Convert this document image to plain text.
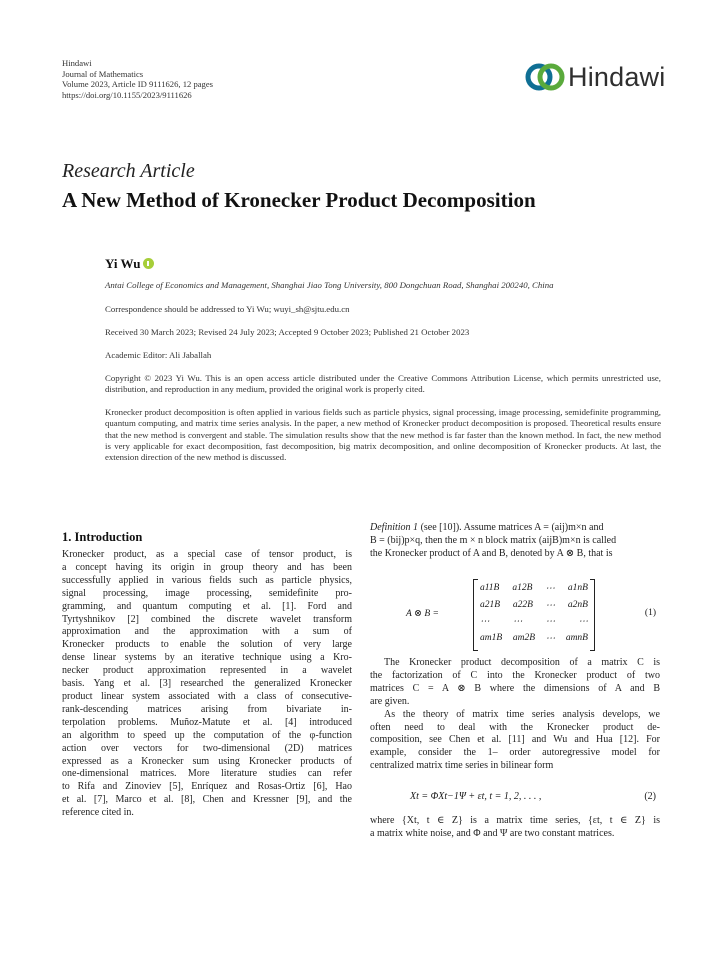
Hindawi
Journal of Mathematics
Volume 2023, Article ID 9111626, 12 pages
https://doi.org/10.1155/2023/9111626
Hindawi
Research Article
A New Method of Kronecker Product Decomposition
Yi Wu
Antai College of Economics and Management, Shanghai Jiao Tong University, 800 Dongchuan Road, Shanghai 200240, China
Correspondence should be addressed to Yi Wu; wuyi_sh@sjtu.edu.cn
Received 30 March 2023; Revised 24 July 2023; Accepted 9 October 2023; Published 21 October 2023
Academic Editor: Ali Jaballah
Copyright © 2023 Yi Wu. This is an open access article distributed under the Creative Commons Attribution License, which permits unrestricted use, distribution, and reproduction in any medium, provided the original work is properly cited.
Kronecker product decomposition is often applied in various fields such as particle physics, signal processing, image processing, semidefinite programming, quantum computing, and matrix time series analysis. In the paper, a new method of Kronecker product decomposition is proposed. Theoretical results ensure that the new method is convergent and stable. The simulation results show that the new method is far faster than the known method. In fact, the new method is very applicable for exact decomposition, fast decomposition, big matrix decomposition, and online decomposition of Kronecker products. At last, the extension direction of the new method is discussed.
1. Introduction
Kronecker product, as a special case of tensor product, is
a concept having its origin in group theory and has been
successfully applied in various fields such as particle physics,
signal processing, image processing, semidefinite pro-
gramming, and quantum computing et al. [1]. Ford and
Tyrtyshnikov [2] combined the discrete wavelet transform
approximation and the approximation with a sum of
Kronecker products to enable the solution of very large
dense linear systems by an iterative technique using a Kro-
necker product approximation represented in a wavelet
basis. Yang et al. [3] researched the generalized Kronecker
product linear system associated with a class of consecutive-
rank-descending matrices arising from bivariate in-
terpolation problems. Muñoz-Matute et al. [4] introduced
an algorithm to speed up the computation of the φ-function
action over vectors for two-dimensional (2D) matrices
expressed as a Kronecker sum using Kronecker products of
one-dimensional matrices. More literature studies can refer
to Rifa and Zinoviev [5], Enríquez and Rosas-Ortiz [6], Hao
et al. [7], Marco et al. [8], Chen and Kressner [9], and the
reference cited in.
Definition 1 (see [10]). Assume matrices A = (aij)m×n and
B = (bij)p×q, then the m × n block matrix (aijB)m×n is called
the Kronecker product of A and B, denoted by A ⊗ B, that is
A ⊗ B =
a11B a12B ⋯ a1nB
a21B a22B ⋯ a2nB
⋯ ⋯ ⋯ ⋯
am1B am2B ⋯ amnB
(1)
The Kronecker product decomposition of a matrix C is
the factorization of C into the Kronecker product of two
matrices C = A ⊗ B where the dimensions of A and B
are given.
As the theory of matrix time series analysis develops, we
often need to deal with the Kronecker product de-
composition, see Chen et al. [11] and Wu and Hua [12]. For
example, consider the 1– order autoregressive model for
centralized matrix time series in bilinear form
Xt = ΦXt−1Ψ + εt, t = 1, 2, . . . ,	(2)
where {Xt, t ∈ Z} is a matrix time series, {εt, t ∈ Z} is
a matrix white noise, and Φ and Ψ are two constant matrices.
